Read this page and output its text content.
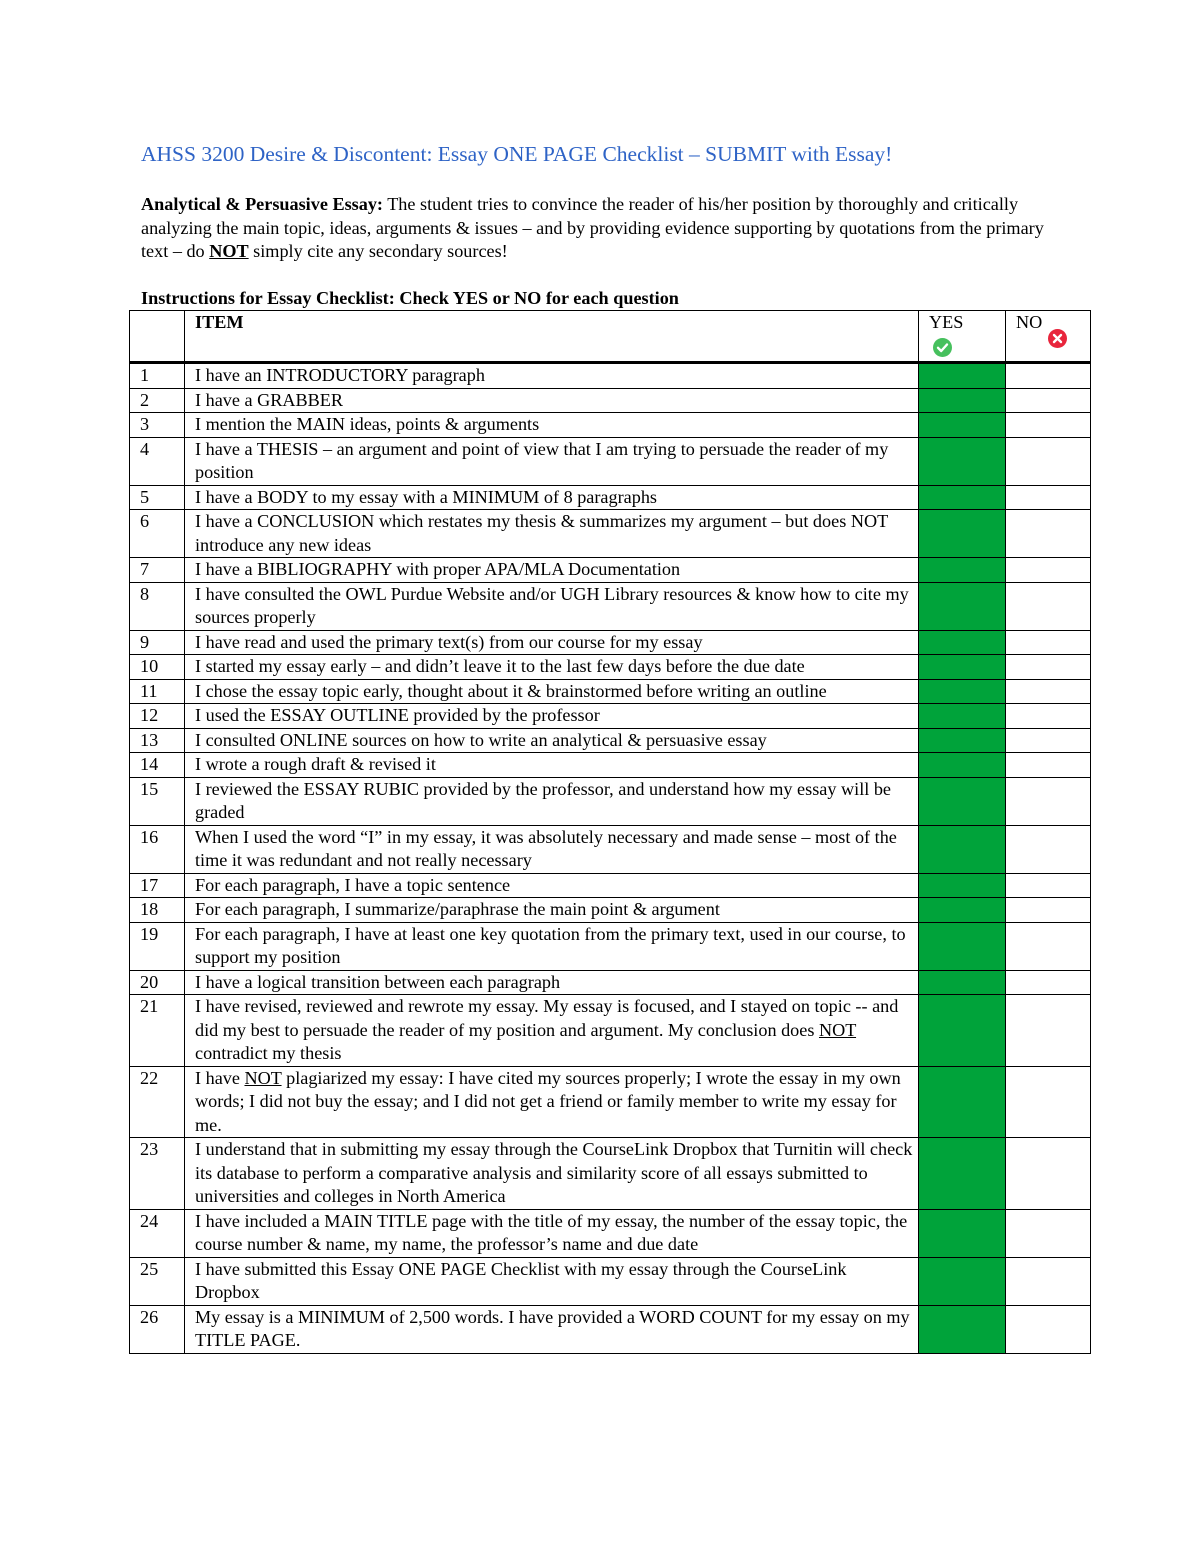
AHSS 3200 Desire & Discontent: Essay ONE PAGE Checklist – SUBMIT with Essay!
Analytical & Persuasive Essay: The student tries to convince the reader of his/her position by thoroughly and critically analyzing the main topic, ideas, arguments & issues – and by providing evidence supporting by quotations from the primary text – do NOT simply cite any secondary sources!
Instructions for Essay Checklist: Check YES or NO for each question
	ITEM	YES	NO

1	I have an INTRODUCTORY paragraph		
2	I have a GRABBER		
3	I mention the MAIN ideas, points & arguments		
4	I have a THESIS – an argument and point of view that I am trying to persuade the reader of my position		
5	I have a BODY to my essay with a MINIMUM of 8 paragraphs		
6	I have a CONCLUSION which restates my thesis & summarizes my argument – but does NOT introduce any new ideas		
7	I have a BIBLIOGRAPHY with proper APA/MLA Documentation		
8	I have consulted the OWL Purdue Website and/or UGH Library resources & know how to cite my sources properly		
9	I have read and used the primary text(s) from our course for my essay		
10	I started my essay early – and didn’t leave it to the last few days before the due date		
11	I chose the essay topic early, thought about it & brainstormed before writing an outline		
12	I used the ESSAY OUTLINE provided by the professor		
13	I consulted ONLINE sources on how to write an analytical & persuasive essay		
14	I wrote a rough draft & revised it		
15	I reviewed the ESSAY RUBIC provided by the professor, and understand how my essay will be graded		
16	When I used the word “I” in my essay, it was absolutely necessary and made sense – most of the time it was redundant and not really necessary		
17	For each paragraph, I have a topic sentence		
18	For each paragraph, I summarize/paraphrase the main point & argument		
19	For each paragraph, I have at least one key quotation from the primary text, used in our course, to support my position		
20	I have a logical transition between each paragraph		
21	I have revised, reviewed and rewrote my essay. My essay is focused, and I stayed on topic -- and did my best to persuade the reader of my position and argument. My conclusion does NOT contradict my thesis		
22	I have NOT plagiarized my essay: I have cited my sources properly; I wrote the essay in my own words; I did not buy the essay; and I did not get a friend or family member to write my essay for me.		
23	I understand that in submitting my essay through the CourseLink Dropbox that Turnitin will check its database to perform a comparative analysis and similarity score of all essays submitted to universities and colleges in North America		
24	I have included a MAIN TITLE page with the title of my essay, the number of the essay topic, the course number & name, my name, the professor’s name and due date		
25	I have submitted this Essay ONE PAGE Checklist with my essay through the CourseLink Dropbox		
26	My essay is a MINIMUM of 2,500 words. I have provided a WORD COUNT for my essay on my TITLE PAGE.		
